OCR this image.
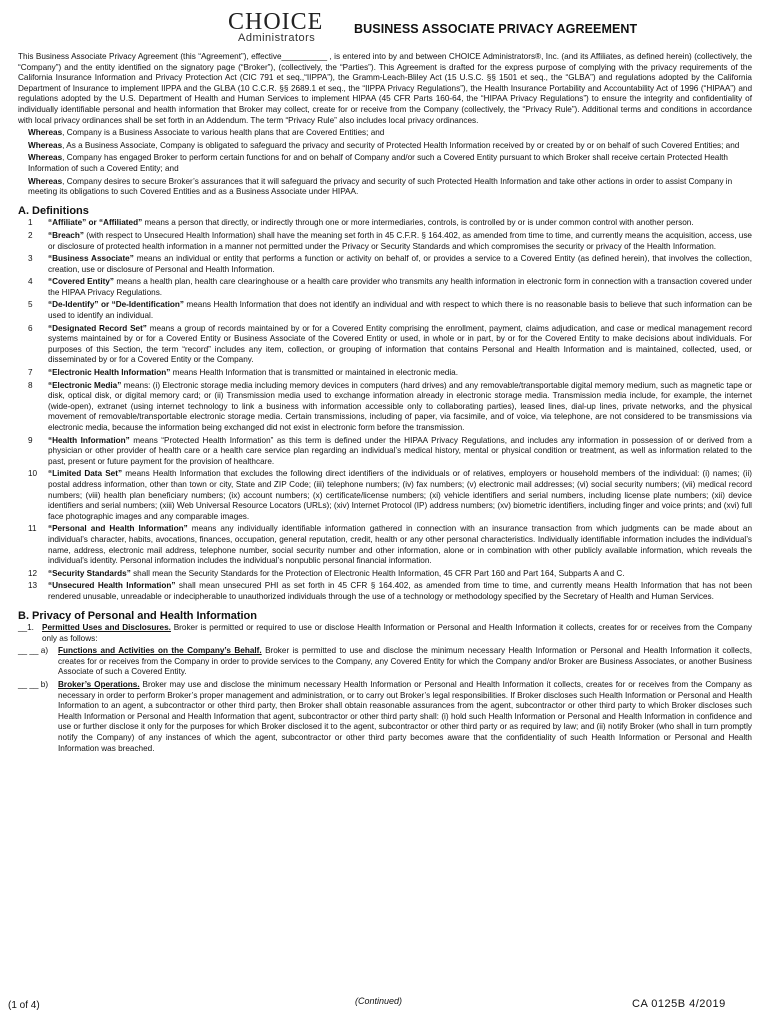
CHOICE
Administrators
BUSINESS ASSOCIATE PRIVACY AGREEMENT

This Business Associate Privacy Agreement (this “Agreement”), effective__________ , is entered into by and between CHOICE Administrators®, Inc. (and its Affiliates, as defined herein) (collectively, the “Company”) and the entity identified on the signatory page (“Broker”), (collectively, the “Parties”). This Agreement is drafted for the express purpose of complying with the privacy requirements of the California Insurance Information and Privacy Protection Act (CIC 791 et seq.,“IIPPA”), the Gramm-Leach-Bliley Act (15 U.S.C. §§ 1501 et seq., the “GLBA”) and regulations adopted by the California Department of Insurance to implement IIPPA and the GLBA (10 C.C.R. §§ 2689.1 et seq., the “IIPPA Privacy Regulations”), the Health Insurance Portability and Accountability Act of 1996 (“HIPAA”) and regulations adopted by the U.S. Department of Health and Human Services to implement HIPAA (45 CFR Parts 160-64, the “HIPAA Privacy Regulations”) to ensure the integrity and confidentiality of individually identifiable personal and health information that Broker may collect, create for or receive from the Company (collectively, the “Privacy Rule”). Additional terms and conditions in accordance with local privacy ordinances shall be set forth in an Addendum. The term “Privacy Rule” also includes local privacy ordinances.

Whereas, Company is a Business Associate to various health plans that are Covered Entities; and

Whereas, As a Business Associate, Company is obligated to safeguard the privacy and security of Protected Health Information received by or created by or on behalf of such Covered Entities; and

Whereas, Company has engaged Broker to perform certain functions for and on behalf of Company and/or such a Covered Entity pursuant to which Broker shall receive certain Protected Health Information of such a Covered Entity; and

Whereas, Company desires to secure Broker’s assurances that it will safeguard the privacy and security of such Protected Health Information and take other actions in order to assist Company in meeting its obligations to such Covered Entities and as a Business Associate under HIPAA.

A. Definitions
1	“Affiliate” or “Affiliated” means a person that directly, or indirectly through one or more intermediaries, controls, is controlled by or is under common control with another person.
2	“Breach” (with respect to Unsecured Health Information) shall have the meaning set forth in 45 C.F.R. § 164.402, as amended from time to time, and currently means the acquisition, access, use or disclosure of protected health information in a manner not permitted under the Privacy or Security Standards and which compromises the security or privacy of the Health Information.
3	“Business Associate” means an individual or entity that performs a function or activity on behalf of, or provides a service to a Covered Entity (as defined herein), that involves the collection, creation, use or disclosure of Personal and Health Information.
4	“Covered Entity” means a health plan, health care clearinghouse or a health care provider who transmits any health information in electronic form in connection with a transaction covered under the HIPAA Privacy Regulations.
5	“De-Identify” or “De-Identification” means Health Information that does not identify an individual and with respect to which there is no reasonable basis to believe that such information can be used to identify an individual.
6	“Designated Record Set” means a group of records maintained by or for a Covered Entity comprising the enrollment, payment, claims adjudication, and case or medical management record systems maintained by or for a Covered Entity or Business Associate of the Covered Entity or used, in whole or in part, by or for the Covered Entity to make decisions about individuals. For purposes of this Section, the term “record” includes any item, collection, or grouping of information that contains Personal and Health Information and is maintained, collected, used, or disseminated by or for a Covered Entity or the Company.
7	“Electronic Health Information” means Health Information that is transmitted or maintained in electronic media.
8	“Electronic Media” means: (i) Electronic storage media including memory devices in computers (hard drives) and any removable/transportable digital memory medium, such as magnetic tape or disk, optical disk, or digital memory card; or (ii) Transmission media used to exchange information already in electronic storage media. Transmission media include, for example, the internet (wide-open), extranet (using internet technology to link a business with information accessible only to collaborating parties), leased lines, dial-up lines, private networks, and the physical movement of removable/transportable electronic storage media. Certain transmissions, including of paper, via facsimile, and of voice, via telephone, are not considered to be transmissions via electronic media, because the information being exchanged did not exist in electronic form before the transmission.
9	“Health Information” means “Protected Health Information” as this term is defined under the HIPAA Privacy Regulations, and includes any information in possession of or derived from a physician or other provider of health care or a health care service plan regarding an individual’s medical history, mental or physical condition or treatment, as well as information related to the past, present or future payment for the provision of healthcare.
10	“Limited Data Set” means Health Information that excludes the following direct identifiers of the individuals or of relatives, employers or household members of the individual: (i) names; (ii) postal address information, other than town or city, State and ZIP Code; (iii) telephone numbers; (iv) fax numbers; (v) electronic mail addresses; (vi) social security numbers; (vii) medical record numbers; (viii) health plan beneficiary numbers; (ix) account numbers; (x) certificate/license numbers; (xi) vehicle identifiers and serial numbers, including license plate numbers; (xii) device identifiers and serial numbers; (xiii) Web Universal Resource Locators (URLs); (xiv) Internet Protocol (IP) address numbers; (xv) biometric identifiers, including finger and voice prints; and (xvi) full face photographic images and any comparable images.
11	“Personal and Health Information” means any individually identifiable information gathered in connection with an insurance transaction from which judgments can be made about an individual’s character, habits, avocations, finances, occupation, general reputation, credit, health or any other personal characteristics. Individually identifiable information includes the individual’s name, address, electronic mail address, telephone number, social security number and other information, alone or in combination with other publicly available information, which reveals the individual’s identity. Personal information includes the individual’s nonpublic personal financial information.
12	“Security Standards” shall mean the Security Standards for the Protection of Electronic Health Information, 45 CFR Part 160 and Part 164, Subparts A and C.
13	“Unsecured Health Information” shall mean unsecured PHI as set forth in 45 CFR § 164.402, as amended from time to time, and currently means Health Information that has not been rendered unusable, unreadable or indecipherable to unauthorized individuals through the use of a technology or methodology specified by the Secretary of Health and Human Services.
B. Privacy of Personal and Health Information
__1. Permitted Uses and Disclosures. Broker is permitted or required to use or disclose Health Information or Personal and Health Information it collects, creates for or receives from the Company only as follows:
__ __ a)	Functions and Activities on the Company’s Behalf. Broker is permitted to use and disclose the minimum necessary Health Information or Personal and Health Information it collects, creates for or receives from the Company in order to provide services to the Company, any Covered Entity for which the Company and/or Broker are Business Associates, or another Business Associate of such a Covered Entity.
__ __ b)	Broker’s Operations. Broker may use and disclose the minimum necessary Health Information or Personal and Health Information it collects, creates for or receives from the Company as necessary in order to perform Broker’s proper management and administration, or to carry out Broker’s legal responsibilities. If Broker discloses such Health Information or Personal and Health Information to an agent, a subcontractor or other third party, then Broker shall obtain reasonable assurances from the agent, subcontractor or other third party to which Broker discloses such Health Information or Personal and Health Information that agent, subcontractor or other third party shall: (i) hold such Health Information or Personal and Health Information in confidence and use or further disclose it only for the purposes for which Broker disclosed it to the agent, subcontractor or other third party or as required by law; and (ii) notify Broker (who shall in turn promptly notify the Company) of any instances of which the agent, subcontractor or other third party becomes aware that the confidentiality of such Health Information or Personal and Health Information was breached.
(1 of 4)	(Continued)	CA 0125B 4/2019
